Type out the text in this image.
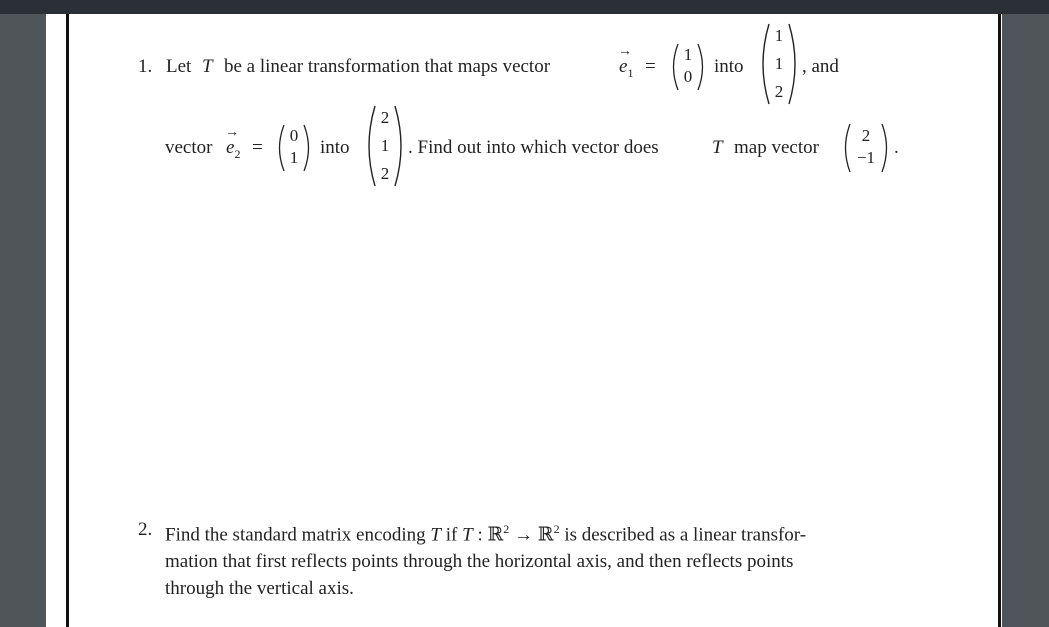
1. Let T be a linear transformation that maps vector
→
$e_1$ =
1
0	into
1
1
2
, and
vector
→
$e_2$ =
0
1	into
2
1
2
. Find out into which vector does	T map vector
2
−1 .
2. Find the standard matrix encoding T if T : ℝ$^2$ → ℝ$^2$ is described as a linear transfor-
mation that first reflects points through the horizontal axis, and then reflects points
through the vertical axis.
